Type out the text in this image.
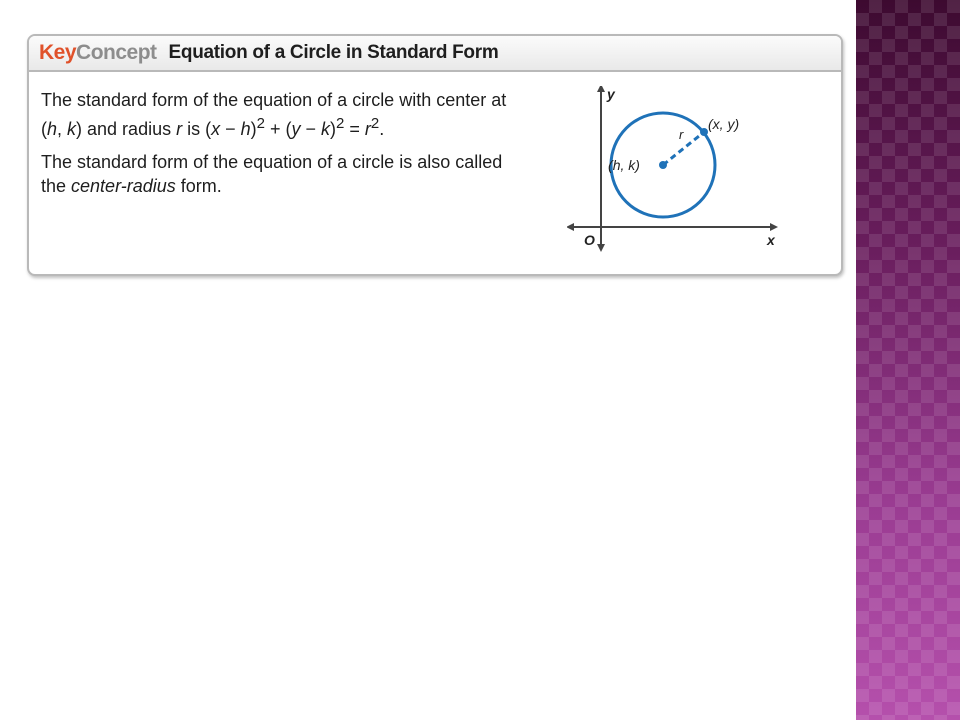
Key Concept Equation of a Circle in Standard Form

The standard form of the equation of a circle with center at
(h, k) and radius r is $(x - h)^2 + (y - k)^2 = r^2$.

The standard form of the equation of a circle is also called
the center-radius form.

y
x
O
r
(x, y)
(h, k)
